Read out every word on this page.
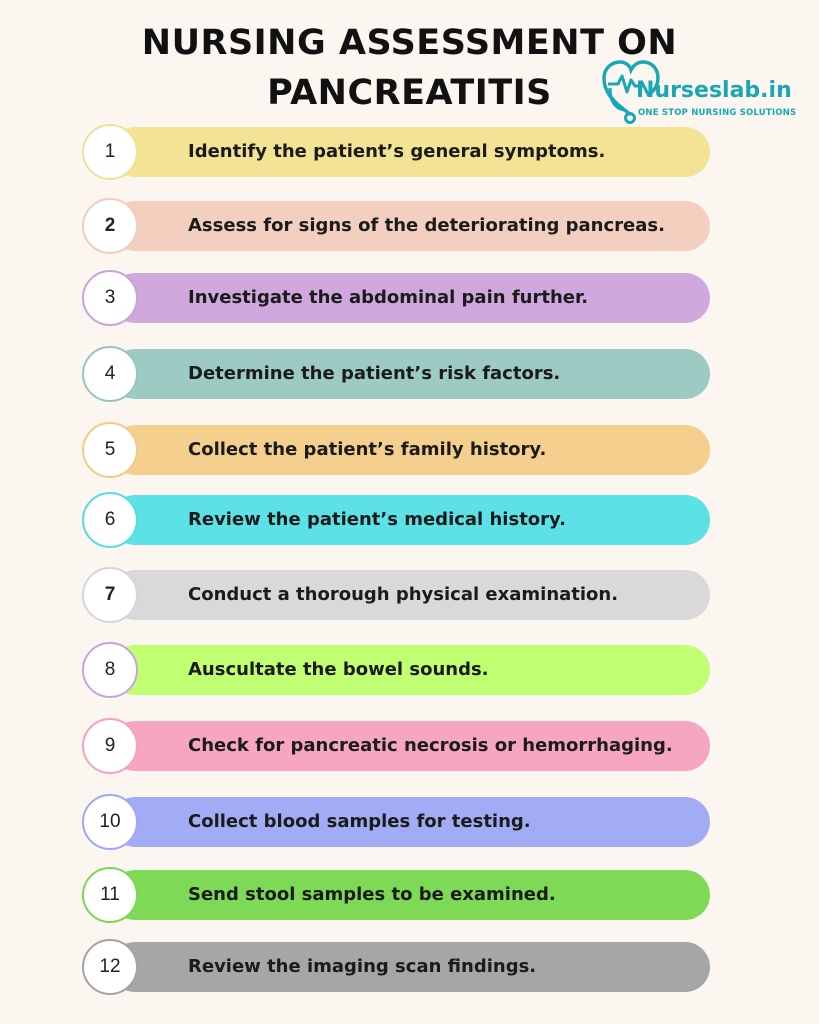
NURSING ASSESSMENT ON
PANCREATITIS	Nurseslab.in
ONE STOP NURSING SOLUTIONS
Identify the patient’s general symptoms.
1
Assess for signs of the deteriorating pancreas.
2
Investigate the abdominal pain further.
3
Determine the patient’s risk factors.
4
Collect the patient’s family history.
5
Review the patient’s medical history.
6
Conduct a thorough physical examination.
7
Auscultate the bowel sounds.
8
Check for pancreatic necrosis or hemorrhaging.
9
Collect blood samples for testing.
10
Send stool samples to be examined.
11
Review the imaging scan findings.
12
